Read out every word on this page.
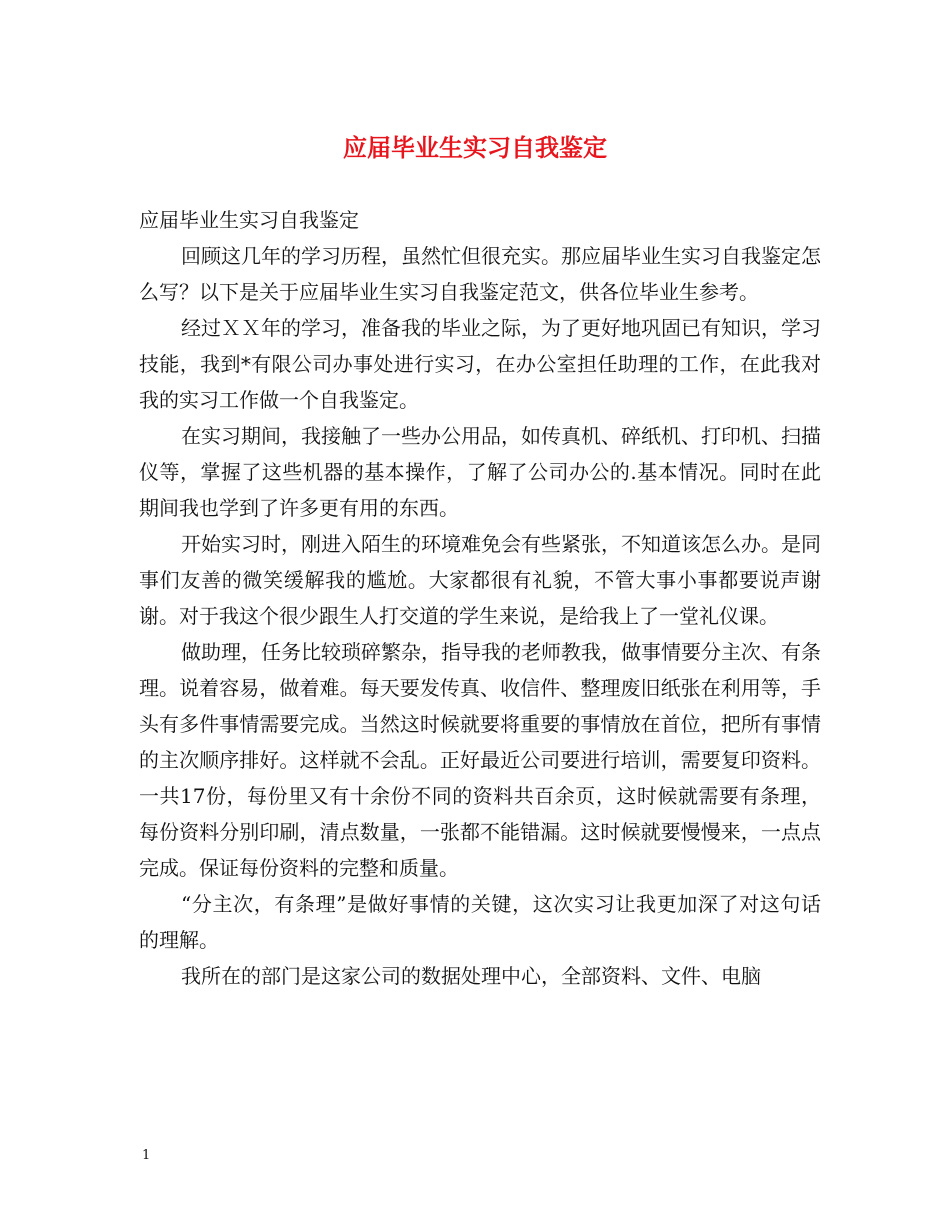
应届毕业生实习自我鉴定

应届毕业生实习自我鉴定

回顾这几年的学习历程，虽然忙但很充实。那应届毕业生实习自我鉴定怎么写？以下是关于应届毕业生实习自我鉴定范文，供各位毕业生参考。

经过ＸＸ年的学习，准备我的毕业之际，为了更好地巩固已有知识，学习技能，我到*有限公司办事处进行实习，在办公室担任助理的工作，在此我对我的实习工作做一个自我鉴定。

在实习期间，我接触了一些办公用品，如传真机、碎纸机、打印机、扫描仪等，掌握了这些机器的基本操作，了解了公司办公的.基本情况。同时在此期间我也学到了许多更有用的东西。

开始实习时，刚进入陌生的环境难免会有些紧张，不知道该怎么办。是同事们友善的微笑缓解我的尴尬。大家都很有礼貌，不管大事小事都要说声谢谢。对于我这个很少跟生人打交道的学生来说，是给我上了一堂礼仪课。

做助理，任务比较琐碎繁杂，指导我的老师教我，做事情要分主次、有条理。说着容易，做着难。每天要发传真、收信件、整理废旧纸张在利用等，手头有多件事情需要完成。当然这时候就要将重要的事情放在首位，把所有事情的主次顺序排好。这样就不会乱。正好最近公司要进行培训，需要复印资料。一共17份，每份里又有十余份不同的资料共百余页，这时候就需要有条理，每份资料分别印刷，清点数量，一张都不能错漏。这时候就要慢慢来，一点点完成。保证每份资料的完整和质量。

“分主次，有条理”是做好事情的关键，这次实习让我更加深了对这句话的理解。

我所在的部门是这家公司的数据处理中心，全部资料、文件、电脑

1
